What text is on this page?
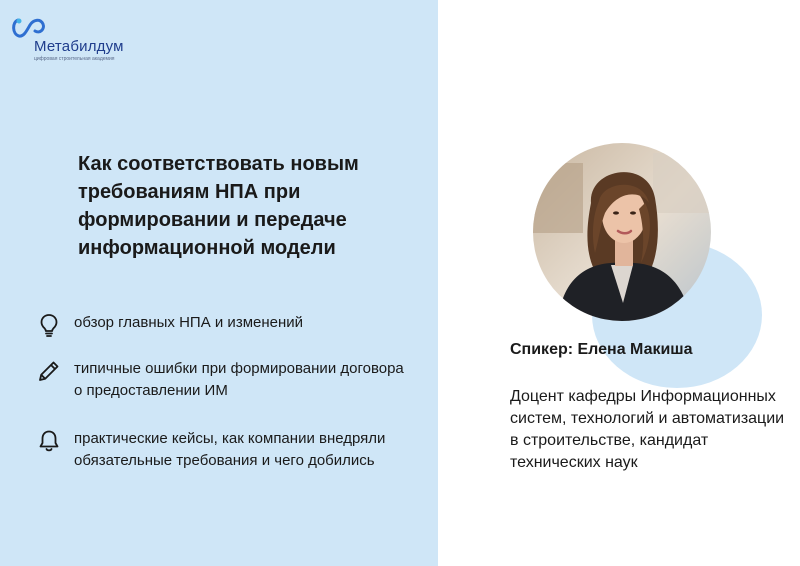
Метабилдум
цифровая строительная академия
Как соответствовать новым требованиям НПА при формировании и передаче информационной модели
обзор главных НПА и изменений
типичные ошибки при формировании договора о предоставлении ИМ
практические кейсы, как компании внедряли обязательные требования и чего добились
Спикер: Елена Макиша

Доцент кафедры Информационных систем, технологий и автоматизации в строительстве, кандидат технических наук
